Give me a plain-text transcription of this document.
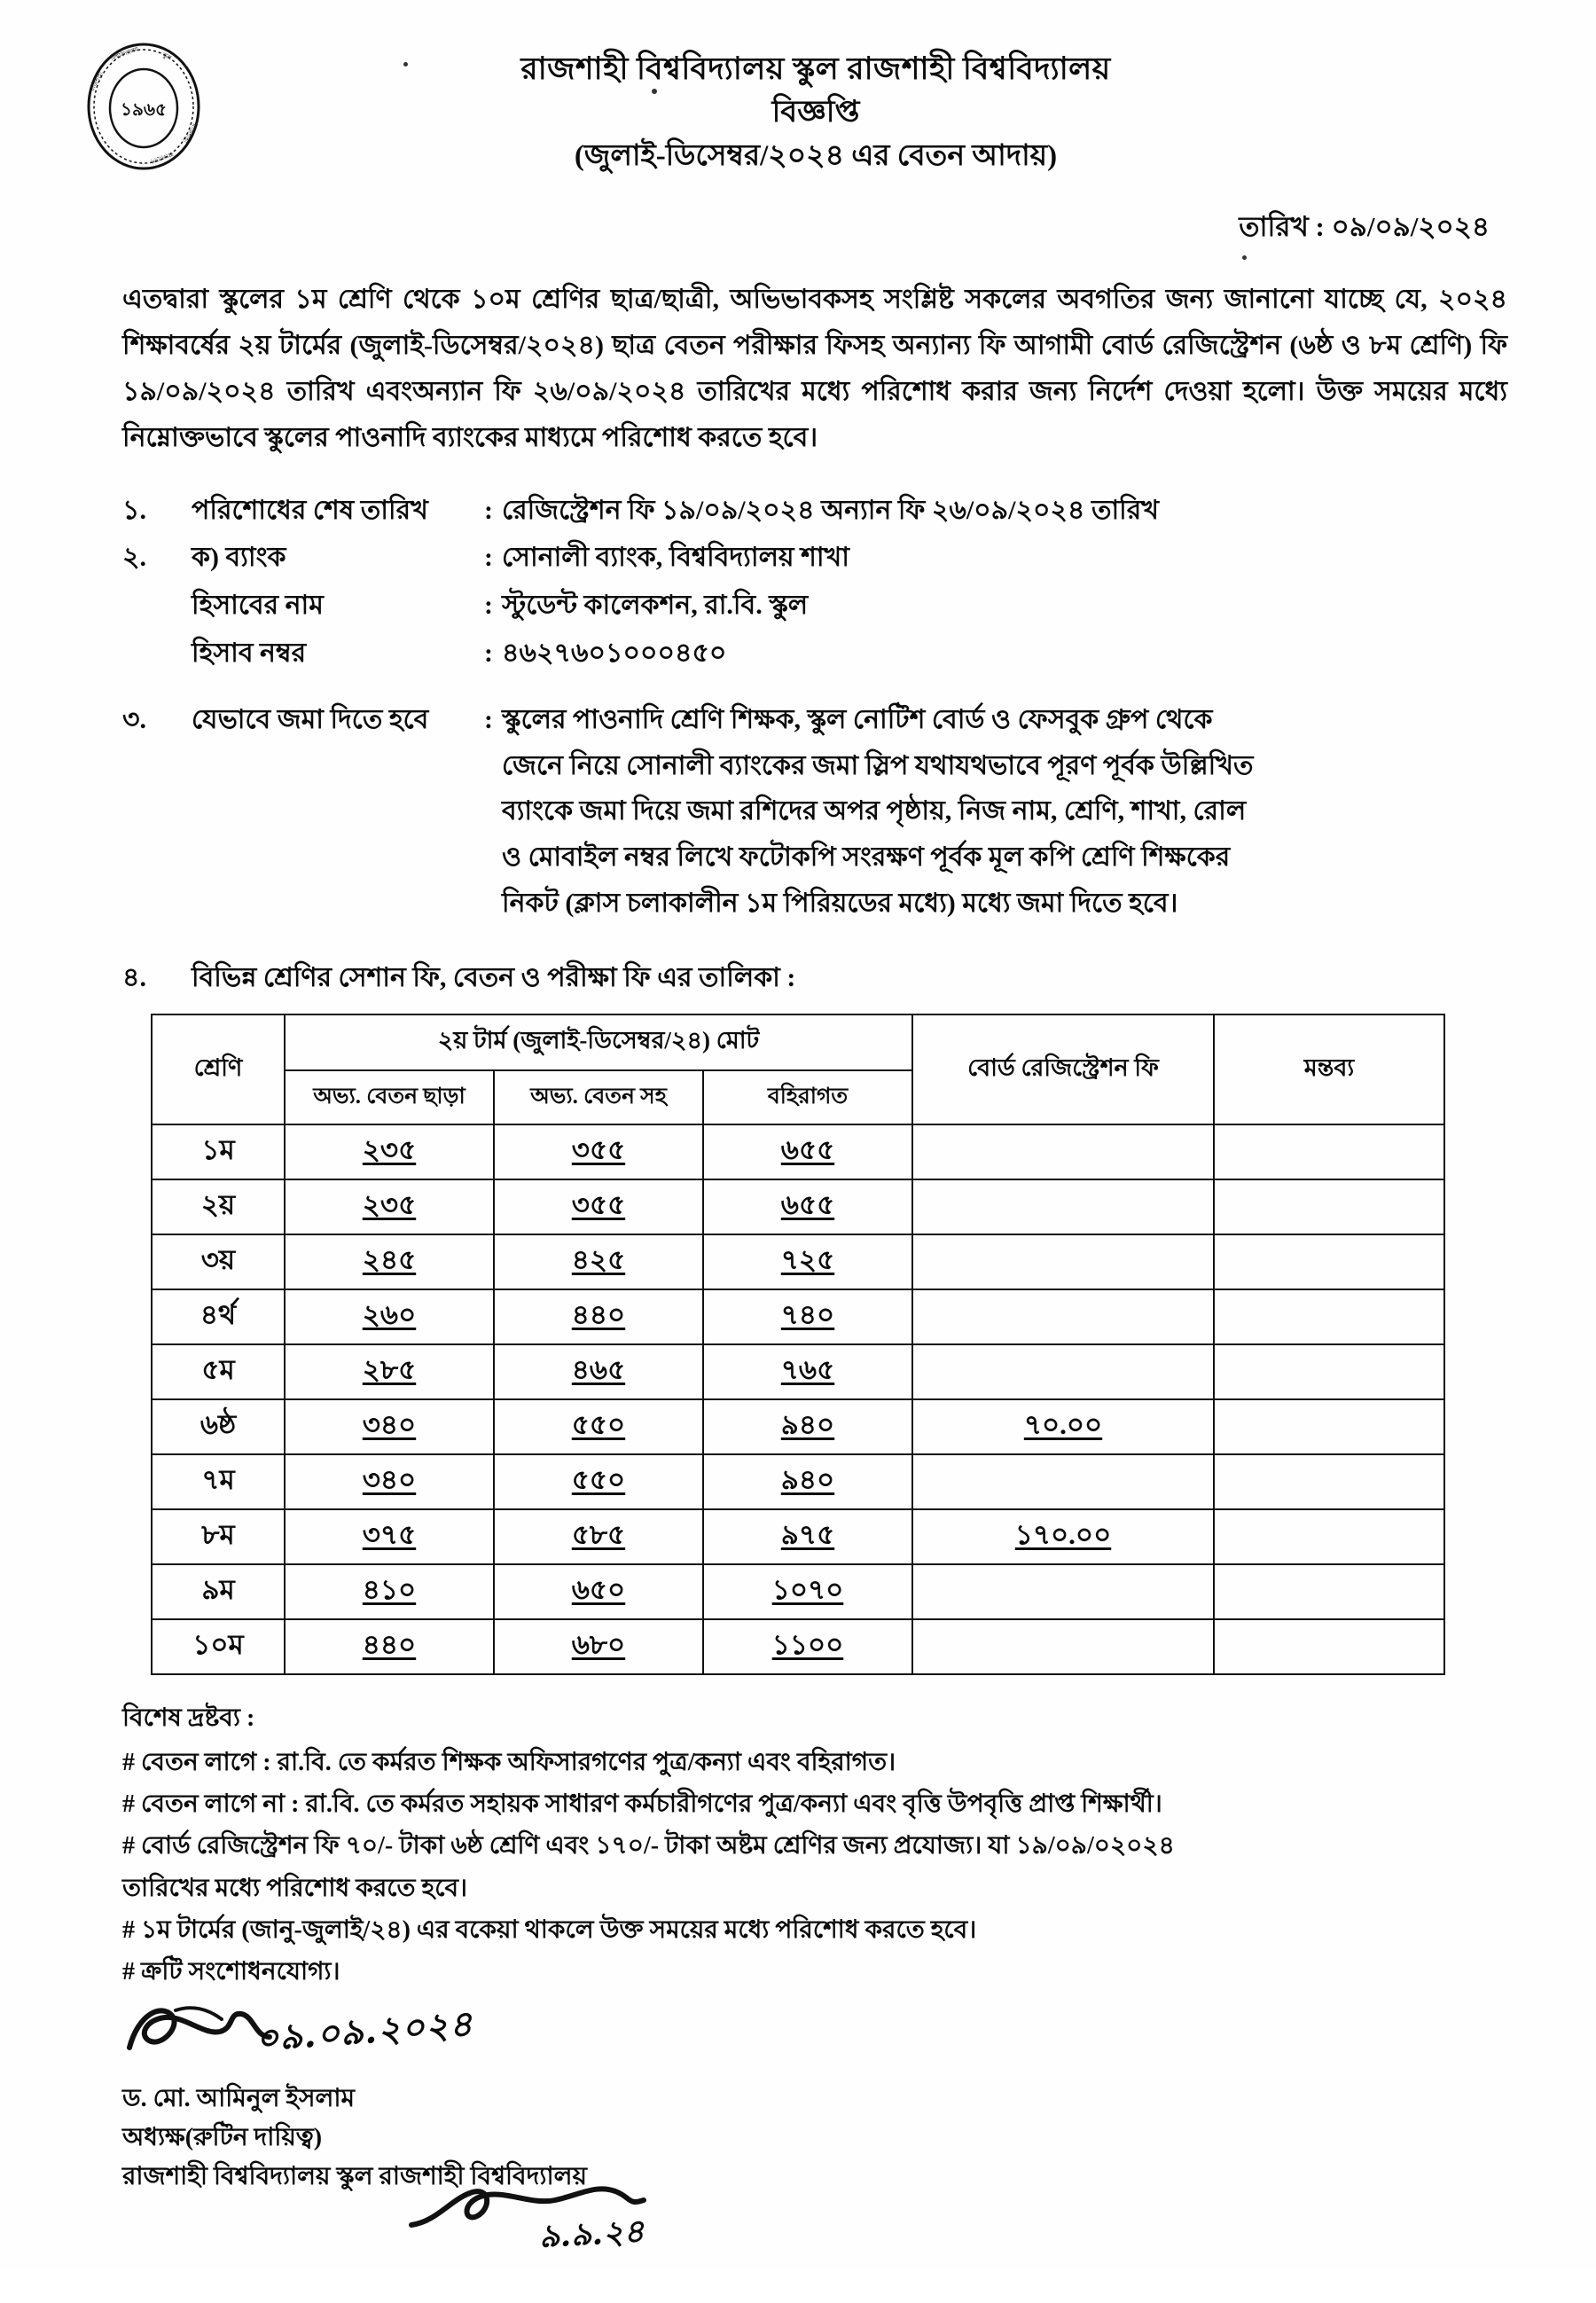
১৯৬৫
রাজশাহী
বিশ্ববিদ্যালয়	স্কুল
রাজশাহী
বাংলাদেশ
রাজশাহী বিশ্ববিদ্যালয় স্কুল রাজশাহী বিশ্ববিদ্যালয়
বিজ্ঞপ্তি
(জুলাই-ডিসেম্বর/২০২৪ এর বেতন আদায়)
তারিখ : ০৯/০৯/২০২৪

এতদ্বারা স্কুলের ১ম শ্রেণি থেকে ১০ম শ্রেণির ছাত্র/ছাত্রী, অভিভাবকসহ সংশ্লিষ্ট সকলের অবগতির জন্য জানানো যাচ্ছে যে, ২০২৪ শিক্ষাবর্ষের ২য় টার্মের (জুলাই-ডিসেম্বর/২০২৪) ছাত্র বেতন পরীক্ষার ফিসহ অন্যান্য ফি আগামী বোর্ড রেজিস্ট্রেশন (৬ষ্ঠ ও ৮ম শ্রেণি) ফি ১৯/০৯/২০২৪ তারিখ এবংঅন্যান ফি ২৬/০৯/২০২৪ তারিখের মধ্যে পরিশোধ করার জন্য নির্দেশ দেওয়া হলো। উক্ত সময়ের মধ্যে নিম্নোক্তভাবে স্কুলের পাওনাদি ব্যাংকের মাধ্যমে পরিশোধ করতে হবে।

১.	পরিশোধের শেষ তারিখ	: রেজিস্ট্রেশন ফি ১৯/০৯/২০২৪ অন্যান ফি ২৬/০৯/২০২৪ তারিখ
২.	ক) ব্যাংক	: সোনালী ব্যাংক, বিশ্ববিদ্যালয় শাখা
হিসাবের নাম	: স্টুডেন্ট কালেকশন, রা.বি. স্কুল
হিসাব নম্বর	: ৪৬২৭৬০১০০০৪৫০
৩.	যেভাবে জমা দিতে হবে	: স্কুলের পাওনাদি শ্রেণি শিক্ষক, স্কুল নোটিশ বোর্ড ও ফেসবুক গ্রুপ থেকে
জেনে নিয়ে সোনালী ব্যাংকের জমা স্লিপ যথাযথভাবে পূরণ পূর্বক উল্লিখিত
ব্যাংকে জমা দিয়ে জমা রশিদের অপর পৃষ্ঠায়, নিজ নাম, শ্রেণি, শাখা, রোল
ও মোবাইল নম্বর লিখে ফটোকপি সংরক্ষণ পূর্বক মূল কপি শ্রেণি শিক্ষকের
নিকট (ক্লাস চলাকালীন ১ম পিরিয়ডের মধ্যে) মধ্যে জমা দিতে হবে।
৪.	বিভিন্ন শ্রেণির সেশান ফি, বেতন ও পরীক্ষা ফি এর তালিকা :
শ্রেণি	২য় টার্ম (জুলাই-ডিসেম্বর/২৪) মোট			বোর্ড রেজিস্ট্রেশন ফি	মন্তব্য
	অভ্য. বেতন ছাড়া	অভ্য. বেতন সহ	বহিরাগত		
১ম	২৩৫	৩৫৫	৬৫৫		
২য়	২৩৫	৩৫৫	৬৫৫		
৩য়	২৪৫	৪২৫	৭২৫		
৪র্থ	২৬০	৪৪০	৭৪০		
৫ম	২৮৫	৪৬৫	৭৬৫		
৬ষ্ঠ	৩৪০	৫৫০	৯৪০	৭০.০০	
৭ম	৩৪০	৫৫০	৯৪০		
৮ম	৩৭৫	৫৮৫	৯৭৫	১৭০.০০	
৯ম	৪১০	৬৫০	১০৭০		
১০ম	৪৪০	৬৮০	১১০০		
বিশেষ দ্রষ্টব্য :
# বেতন লাগে : রা.বি. তে কর্মরত শিক্ষক অফিসারগণের পুত্র/কন্যা এবং বহিরাগত।
# বেতন লাগে না : রা.বি. তে কর্মরত সহায়ক সাধারণ কর্মচারীগণের পুত্র/কন্যা এবং বৃত্তি উপবৃত্তি প্রাপ্ত শিক্ষার্থী।
# বোর্ড রেজিস্ট্রেশন ফি ৭০/- টাকা ৬ষ্ঠ শ্রেণি এবং ১৭০/- টাকা অষ্টম শ্রেণির জন্য প্রযোজ্য। যা ১৯/০৯/০২০২৪
তারিখের মধ্যে পরিশোধ করতে হবে।
# ১ম টার্মের (জানু-জুলাই/২৪) এর বকেয়া থাকলে উক্ত সময়ের মধ্যে পরিশোধ করতে হবে।
# ক্রটি সংশোধনযোগ্য।
০৯.০৯.২০২৪
ড. মো. আমিনুল ইসলাম
অধ্যক্ষ(রুটিন দায়িত্ব)
রাজশাহী বিশ্ববিদ্যালয় স্কুল রাজশাহী বিশ্ববিদ্যালয়
৯.৯.২৪
